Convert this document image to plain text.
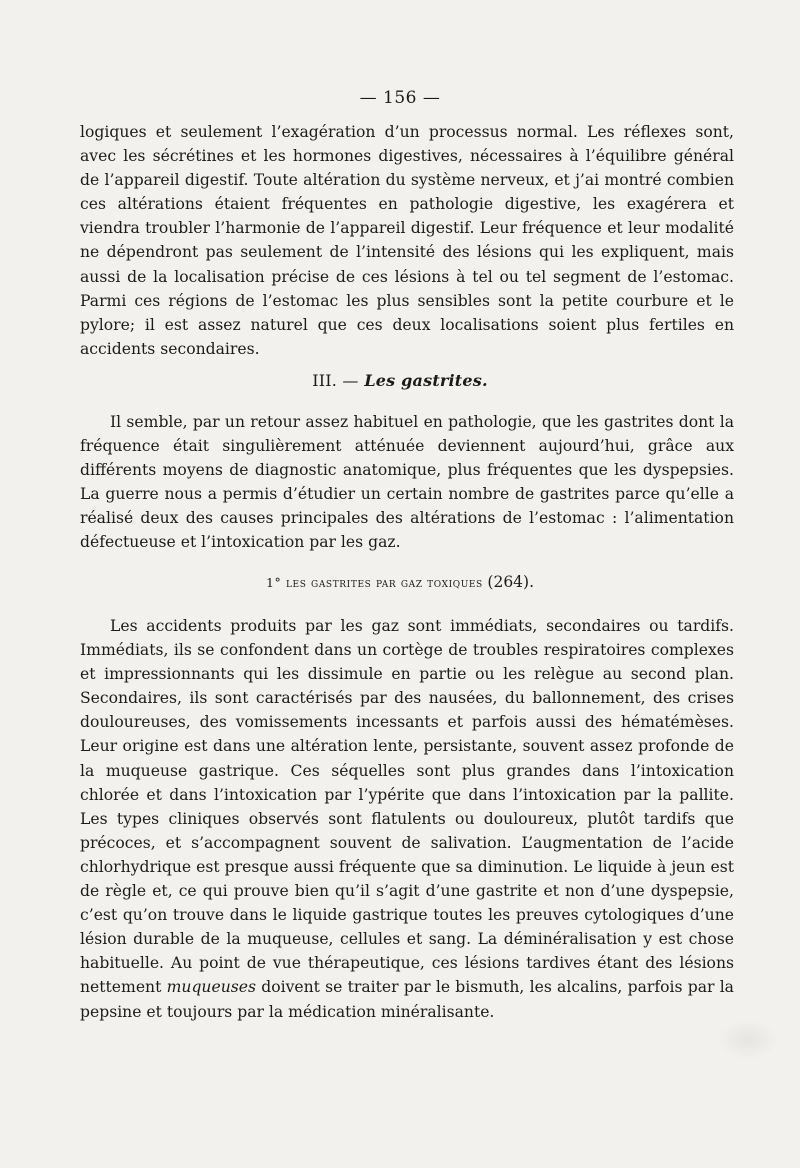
— 156 —

logiques et seulement l’exagération d’un processus normal. Les réflexes sont, avec les sécrétines et les hormones digestives, nécessaires à l’équilibre général de l’appareil digestif. Toute altération du système nerveux, et j’ai montré combien ces altérations étaient fréquentes en pathologie digestive, les exagérera et viendra troubler l’harmonie de l’appareil digestif. Leur fréquence et leur modalité ne dépendront pas seulement de l’intensité des lésions qui les expliquent, mais aussi de la localisation précise de ces lésions à tel ou tel segment de l’estomac. Parmi ces régions de l’estomac les plus sensibles sont la petite courbure et le pylore; il est assez naturel que ces deux localisations soient plus fertiles en accidents secondaires.

III. — Les gastrites.

Il semble, par un retour assez habituel en pathologie, que les gastrites dont la fréquence était singulièrement atténuée deviennent aujourd’hui, grâce aux différents moyens de diagnostic anatomique, plus fréquentes que les dyspepsies. La guerre nous a permis d’étudier un certain nombre de gastrites parce qu’elle a réalisé deux des causes principales des altérations de l’estomac : l’alimentation défectueuse et l’intoxication par les gaz.

1° les gastrites par gaz toxiques (264).

Les accidents produits par les gaz sont immédiats, secondaires ou tardifs. Immédiats, ils se confondent dans un cortège de troubles respiratoires complexes et impressionnants qui les dissimule en partie ou les relègue au second plan. Secondaires, ils sont caractérisés par des nausées, du ballonnement, des crises douloureuses, des vomissements incessants et parfois aussi des hématémèses. Leur origine est dans une altération lente, persistante, souvent assez profonde de la muqueuse gastrique. Ces séquelles sont plus grandes dans l’intoxication chlorée et dans l’intoxication par l’ypérite que dans l’intoxication par la pallite. Les types cliniques observés sont flatulents ou douloureux, plutôt tardifs que précoces, et s’accompagnent souvent de salivation. L’augmentation de l’acide chlorhydrique est presque aussi fréquente que sa diminution. Le liquide à jeun est de règle et, ce qui prouve bien qu’il s’agit d’une gastrite et non d’une dyspepsie, c’est qu’on trouve dans le liquide gastrique toutes les preuves cytologiques d’une lésion durable de la muqueuse, cellules et sang. La déminéralisation y est chose habituelle. Au point de vue thérapeutique, ces lésions tardives étant des lésions nettement muqueuses doivent se traiter par le bismuth, les alcalins, parfois par la pepsine et toujours par la médication minéralisante.
